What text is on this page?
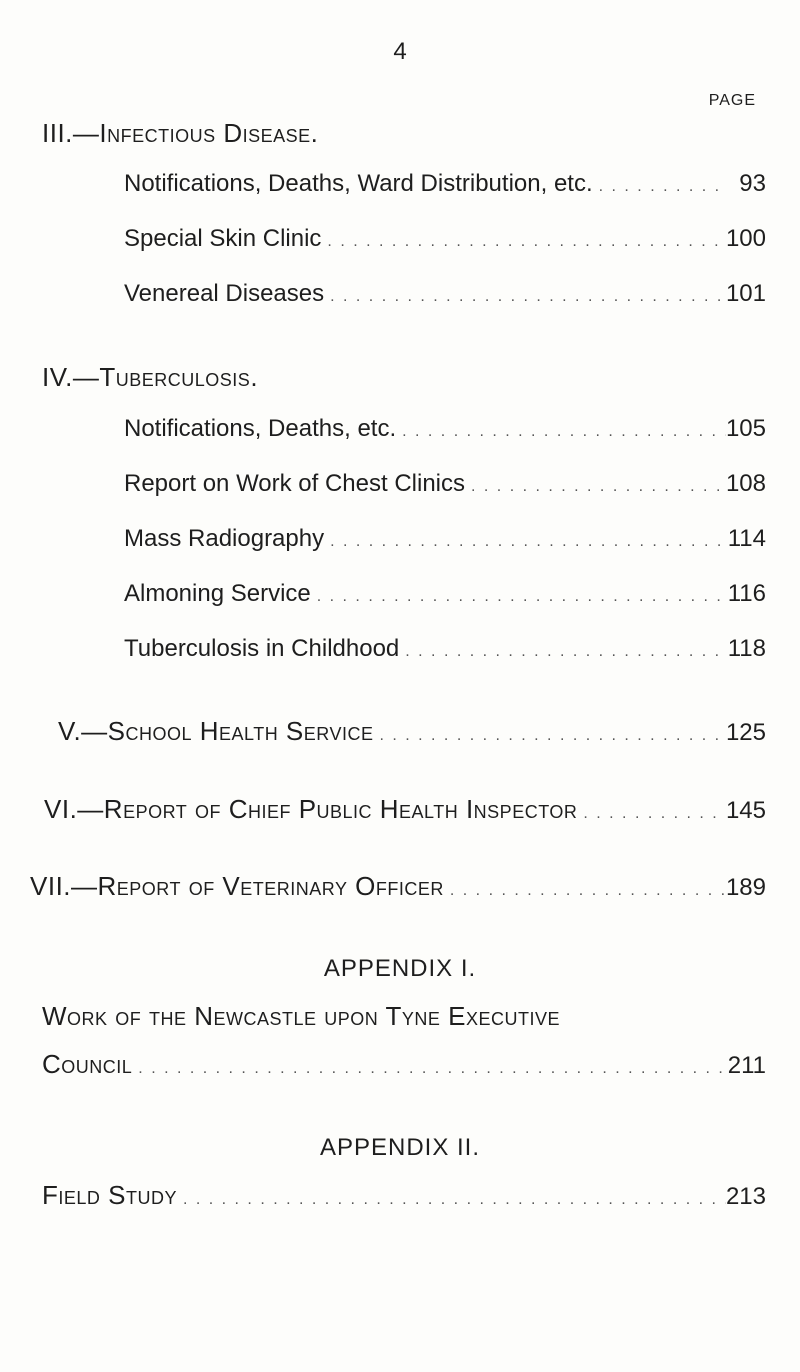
4
PAGE
III.—Infectious Disease.
Notifications, Deaths, Ward Distribution, etc. . . .	93
Special Skin Clinic . . .	100
Venereal Diseases . . .	101
IV.—Tuberculosis.
Notifications, Deaths, etc. . . .	105
Report on Work of Chest Clinics . . .	108
Mass Radiography . . .	114
Almoning Service . . .	116
Tuberculosis in Childhood . . .	118
V.—School Health Service . . .	125
VI.—Report of Chief Public Health Inspector . . .	145
VII.—Report of Veterinary Officer . . .	189
APPENDIX I.
Work of the Newcastle upon Tyne Executive
Council . . .	211
APPENDIX II.
Field Study . . .	213
